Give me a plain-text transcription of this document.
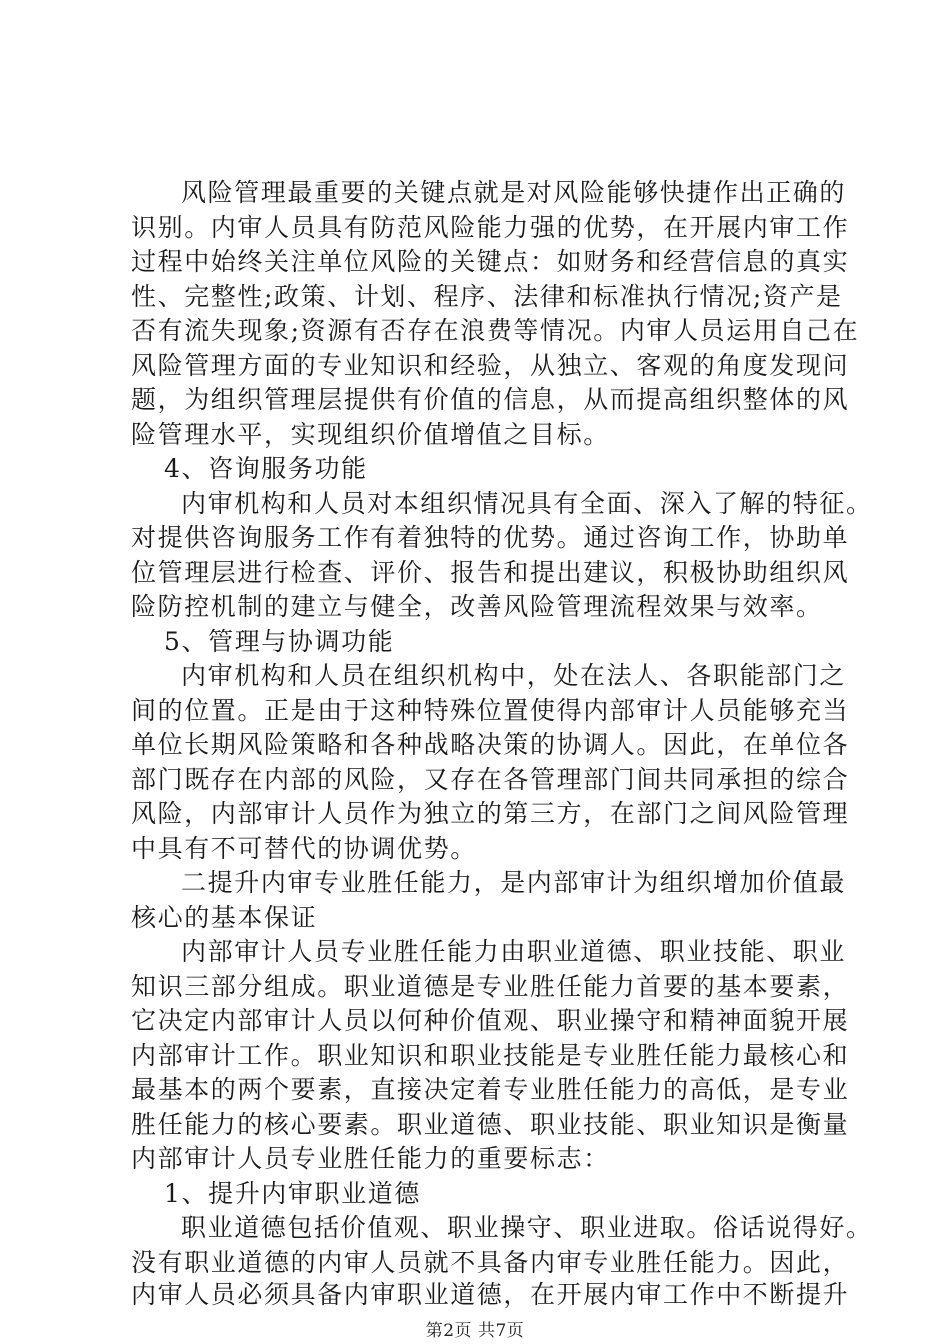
风险管理最重要的关键点就是对风险能够快捷作出正确的
识别。内审人员具有防范风险能力强的优势，在开展内审工作
过程中始终关注单位风险的关键点：如财务和经营信息的真实
性、完整性;政策、计划、程序、法律和标准执行情况;资产是
否有流失现象;资源有否存在浪费等情况。内审人员运用自己在
风险管理方面的专业知识和经验，从独立、客观的角度发现问
题，为组织管理层提供有价值的信息，从而提高组织整体的风
险管理水平，实现组织价值增值之目标。
4、咨询服务功能
内审机构和人员对本组织情况具有全面、深入了解的特征。
对提供咨询服务工作有着独特的优势。通过咨询工作，协助单
位管理层进行检查、评价、报告和提出建议，积极协助组织风
险防控机制的建立与健全，改善风险管理流程效果与效率。
5、管理与协调功能
内审机构和人员在组织机构中，处在法人、各职能部门之
间的位置。正是由于这种特殊位置使得内部审计人员能够充当
单位长期风险策略和各种战略决策的协调人。因此，在单位各
部门既存在内部的风险，又存在各管理部门间共同承担的综合
风险，内部审计人员作为独立的第三方，在部门之间风险管理
中具有不可替代的协调优势。
二提升内审专业胜任能力，是内部审计为组织增加价值最
核心的基本保证
内部审计人员专业胜任能力由职业道德、职业技能、职业
知识三部分组成。职业道德是专业胜任能力首要的基本要素，
它决定内部审计人员以何种价值观、职业操守和精神面貌开展
内部审计工作。职业知识和职业技能是专业胜任能力最核心和
最基本的两个要素，直接决定着专业胜任能力的高低，是专业
胜任能力的核心要素。职业道德、职业技能、职业知识是衡量
内部审计人员专业胜任能力的重要标志：
1、提升内审职业道德
职业道德包括价值观、职业操守、职业进取。俗话说得好。
没有职业道德的内审人员就不具备内审专业胜任能力。因此，
内审人员必须具备内审职业道德，在开展内审工作中不断提升
第2页 共7页
